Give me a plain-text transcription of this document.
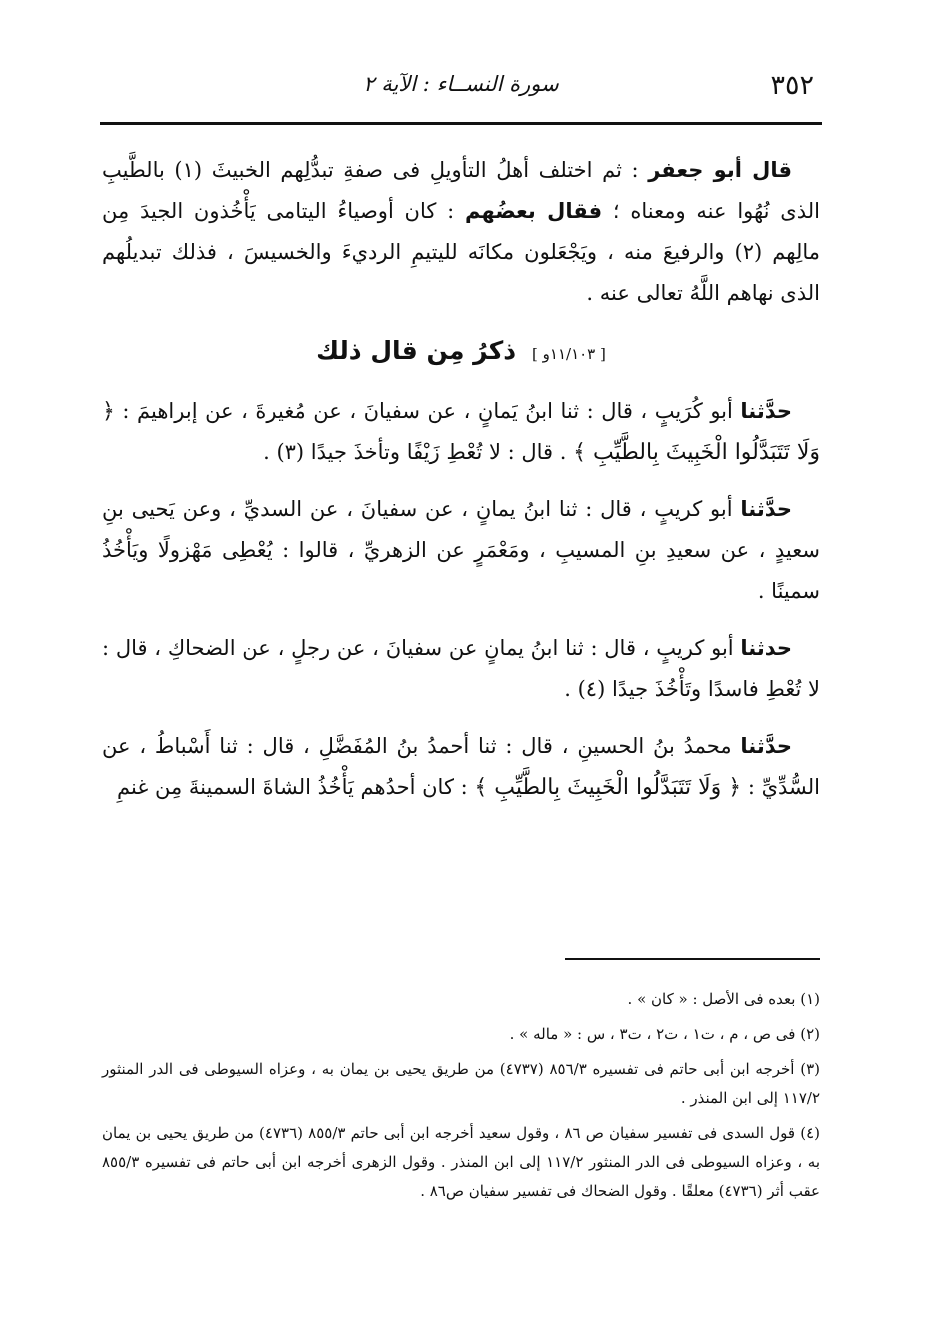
٣٥٢
سورة النســاء : الآية ٢

قال أبو جعفر : ثم اختلف أهلُ التأويلِ فى صفةِ تبدُّلِهم الخبيثَ (١) بالطَّيبِ الذى نُهُوا عنه ومعناه ؛ فقال بعضُهم : كان أوصياءُ اليتامى يَأْخُذون الجيدَ مِن مالِهم (٢) والرفيعَ منه ، ويَجْعَلون مكانَه لليتيمِ الرديءَ والخسيسَ ، فذلك تبديلُهم الذى نهاهم اللَّهُ تعالى عنه .

[ ١١/١٠٣و ] ذكرُ مِن قال ذلك

حدَّثنا أبو كُرَيبٍ ، قال : ثنا ابنُ يَمانٍ ، عن سفيانَ ، عن مُغيرةَ ، عن إبراهيمَ : ﴿ وَلَا تَتَبَدَّلُوا الْخَبِيثَ بِالطَّيِّبِ ﴾ . قال : لا تُعْطِ زَيْفًا وتأخذَ جيدًا (٣) .

حدَّثنا أبو كريبٍ ، قال : ثنا ابنُ يمانٍ ، عن سفيانَ ، عن السديِّ ، وعن يَحيى بنِ سعيدٍ ، عن سعيدِ بنِ المسيبِ ، ومَعْمَرٍ عن الزهريِّ ، قالوا : يُعْطِى مَهْزولًا ويَأْخُذُ سمينًا .

حدثنا أبو كريبٍ ، قال : ثنا ابنُ يمانٍ عن سفيانَ ، عن رجلٍ ، عن الضحاكِ ، قال : لا تُعْطِ فاسدًا وتَأْخُذَ جيدًا (٤) .

حدَّثنا محمدُ بنُ الحسينِ ، قال : ثنا أحمدُ بنُ المُفَضَّلِ ، قال : ثنا أَسْباطُ ، عن السُّدِّيِّ : ﴿ وَلَا تَتَبَدَّلُوا الْخَبِيثَ بِالطَّيِّبِ ﴾ : كان أحدُهم يَأْخُذُ الشاةَ السمينةَ مِن غنمِ

(١) بعده فى الأصل : « كان » .

(٢) فى ص ، م ، ت١ ، ت٢ ، ت٣ ، س : « ماله » .

(٣) أخرجه ابن أبى حاتم فى تفسيره ٨٥٦/٣ (٤٧٣٧) من طريق يحيى بن يمان به ، وعزاه السيوطى فى الدر المنثور ١١٧/٢ إلى ابن المنذر .

(٤) قول السدى فى تفسير سفيان ص ٨٦ ، وقول سعيد أخرجه ابن أبى حاتم ٨٥٥/٣ (٤٧٣٦) من طريق يحيى بن يمان به ، وعزاه السيوطى فى الدر المنثور ١١٧/٢ إلى ابن المنذر . وقول الزهرى أخرجه ابن أبى حاتم فى تفسيره ٨٥٥/٣ عقب أثر (٤٧٣٦) معلقًا . وقول الضحاك فى تفسير سفيان ص٨٦ .
